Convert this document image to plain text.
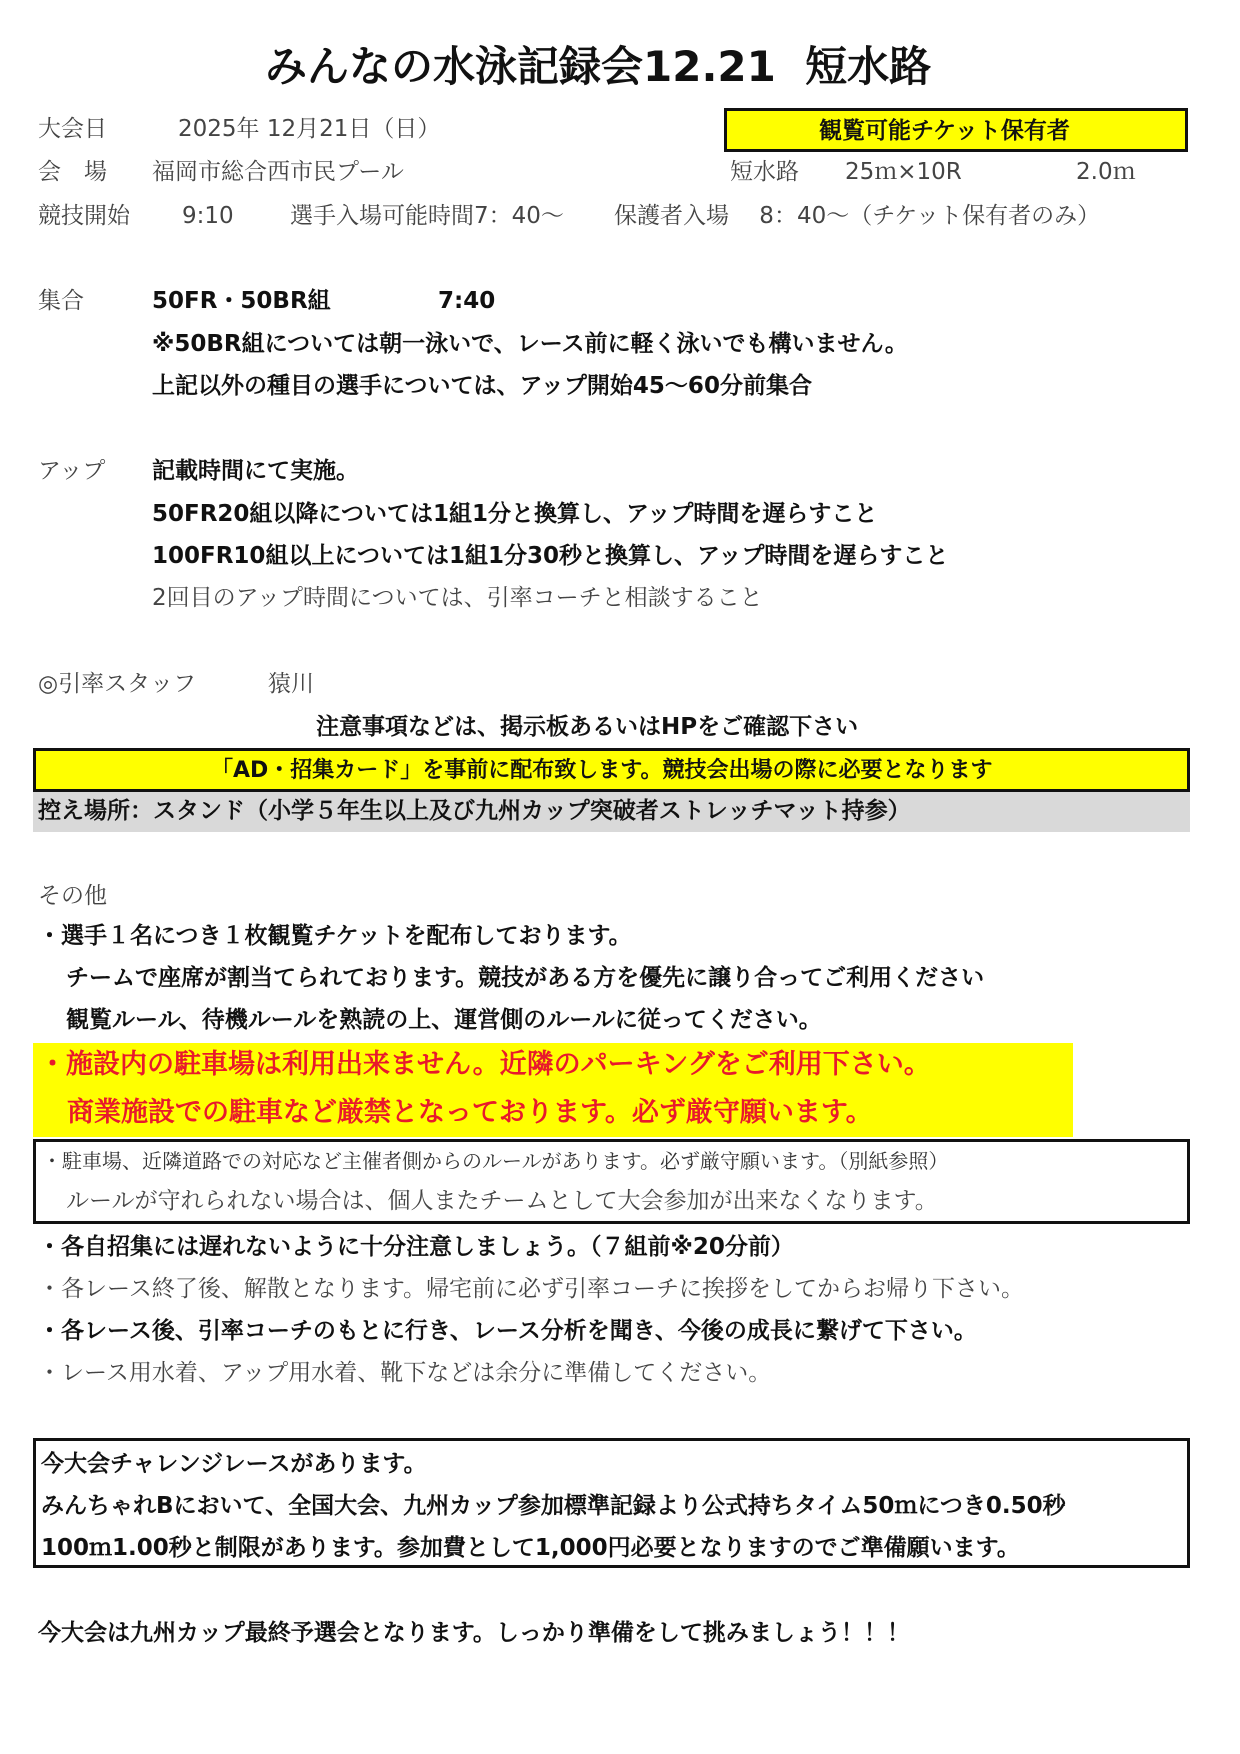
みんなの水泳記録会12.21  短水路
大会日	2025年 12月21日（日）	観覧可能チケット保有者
会　場 福岡市総合西市民プール	短水路 25ｍ×10R	2.0ｍ
競技開始 9:10 選手入場可能時間7：40～ 保護者入場　 8：40～（チケット保有者のみ）
集合	50FR・50BR組	7:40
※50BR組については朝一泳いで、レース前に軽く泳いでも構いません。
上記以外の種目の選手については、アップ開始45～60分前集合
アップ 記載時間にて実施。
50FR20組以降については1組1分と換算し、アップ時間を遅らすこと
100FR10組以上については1組1分30秒と換算し、アップ時間を遅らすこと
2回目のアップ時間については、引率コーチと相談すること
◎引率スタッフ	猿川
注意事項などは、掲示板あるいはHPをご確認下さい
「AD・招集カード」を事前に配布致します。競技会出場の際に必要となります
控え場所：スタンド（小学５年生以上及び九州カップ突破者ストレッチマット持参）
その他
・選手１名につき１枚観覧チケットを配布しております。
チームで座席が割当てられております。競技がある方を優先に譲り合ってご利用ください
観覧ルール、待機ルールを熟読の上、運営側のルールに従ってください。
・施設内の駐車場は利用出来ません。近隣のパーキングをご利用下さい。
商業施設での駐車など厳禁となっております。必ず厳守願います。
・駐車場、近隣道路での対応など主催者側からのルールがあります。必ず厳守願います。（別紙参照）
ルールが守れられない場合は、個人またチームとして大会参加が出来なくなります。
・各自招集には遅れないように十分注意しましょう。（７組前※20分前）
・各レース終了後、解散となります。帰宅前に必ず引率コーチに挨拶をしてからお帰り下さい。
・各レース後、引率コーチのもとに行き、レース分析を聞き、今後の成長に繋げて下さい。
・レース用水着、アップ用水着、靴下などは余分に準備してください。
今大会チャレンジレースがあります。
みんちゃれBにおいて、全国大会、九州カップ参加標準記録より公式持ちタイム50ｍにつき0.50秒
100ｍ1.00秒と制限があります。参加費として1,000円必要となりますのでご準備願います。
今大会は九州カップ最終予選会となります。しっかり準備をして挑みましょう！！！
